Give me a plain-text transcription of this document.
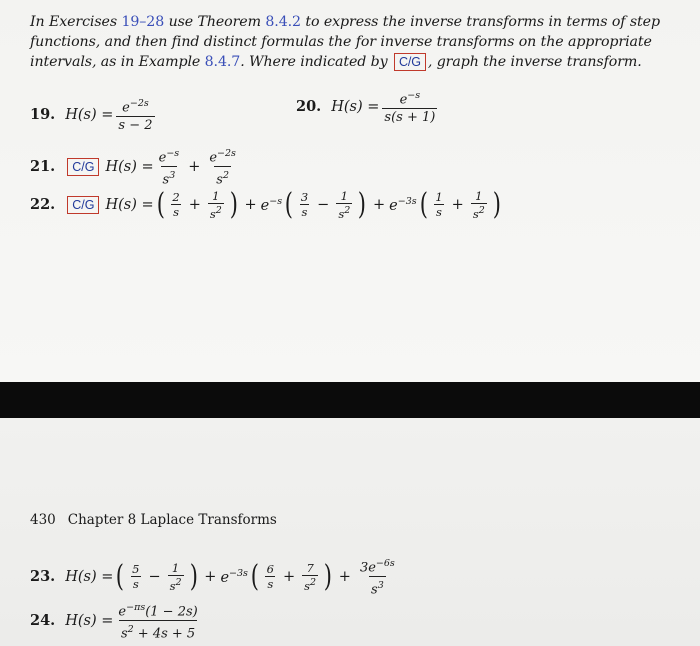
In Exercises 19–28 use Theorem 8.4.2 to express the inverse transforms in terms of step functions, and then find distinct formulas the for inverse transforms on the appropriate intervals, as in Example 8.4.7. Where indicated by C/G , graph the inverse transform.
19. $H(s) = \frac{e^{-2s}}{s - 2}$	20. $H(s) = \frac{e^{-s}}{s(s + 1)}$
21.	C/G $H(s) = \frac{e^{-s}}{s^3} + \frac{e^{-2s}}{s^2}$
22.	C/G H(s) = ( $\frac{2}{s} + \frac{1}{s^2}$ ) + $e^{-s}$ ( $\frac{3}{s} - \frac{1}{s^2}$ ) + $e^{-3s}$ ( $\frac{1}{s} + \frac{1}{s^2}$ )
430 Chapter 8 Laplace Transforms
23. H(s) = ( $\frac{5}{s} - \frac{1}{s^2}$ ) + $e^{-3s}$ ( $\frac{6}{s} + \frac{7}{s^2}$ ) + $\frac{3e^{-6s}}{s^3}$
24. $H(s) = \frac{e^{-\pi s}(1 - 2s)}{s^2 + 4s + 5}$
